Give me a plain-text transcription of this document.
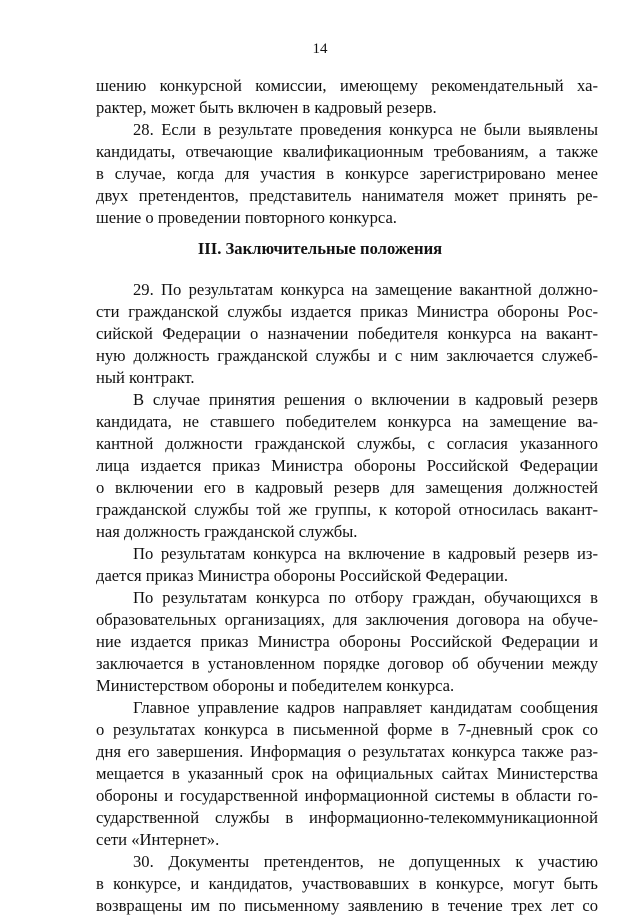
14
шению конкурсной комиссии, имеющему рекомендательный ха-
рактер, может быть включен в кадровый резерв.
28. Если в результате проведения конкурса не были выявлены
кандидаты, отвечающие квалификационным требованиям, а также
в случае, когда для участия в конкурсе зарегистрировано менее
двух претендентов, представитель нанимателя может принять ре-
шение о проведении повторного конкурса.
III. Заключительные положения
29. По результатам конкурса на замещение вакантной должно-
сти гражданской службы издается приказ Министра обороны Рос-
сийской Федерации о назначении победителя конкурса на вакант-
ную должность гражданской службы и с ним заключается служеб-
ный контракт.
В случае принятия решения о включении в кадровый резерв
кандидата, не ставшего победителем конкурса на замещение ва-
кантной должности гражданской службы, с согласия указанного
лица издается приказ Министра обороны Российской Федерации
о включении его в кадровый резерв для замещения должностей
гражданской службы той же группы, к которой относилась вакант-
ная должность гражданской службы.
По результатам конкурса на включение в кадровый резерв из-
дается приказ Министра обороны Российской Федерации.
По результатам конкурса по отбору граждан, обучающихся в
образовательных организациях, для заключения договора на обуче-
ние издается приказ Министра обороны Российской Федерации и
заключается в установленном порядке договор об обучении между
Министерством обороны и победителем конкурса.
Главное управление кадров направляет кандидатам сообщения
о результатах конкурса в письменной форме в 7-дневный срок со
дня его завершения. Информация о результатах конкурса также раз-
мещается в указанный срок на официальных сайтах Министерства
обороны и государственной информационной системы в области го-
сударственной службы в информационно-телекоммуникационной
сети «Интернет».
30. Документы претендентов, не допущенных к участию
в конкурсе, и кандидатов, участвовавших в конкурсе, могут быть
возвращены им по письменному заявлению в течение трех лет со
